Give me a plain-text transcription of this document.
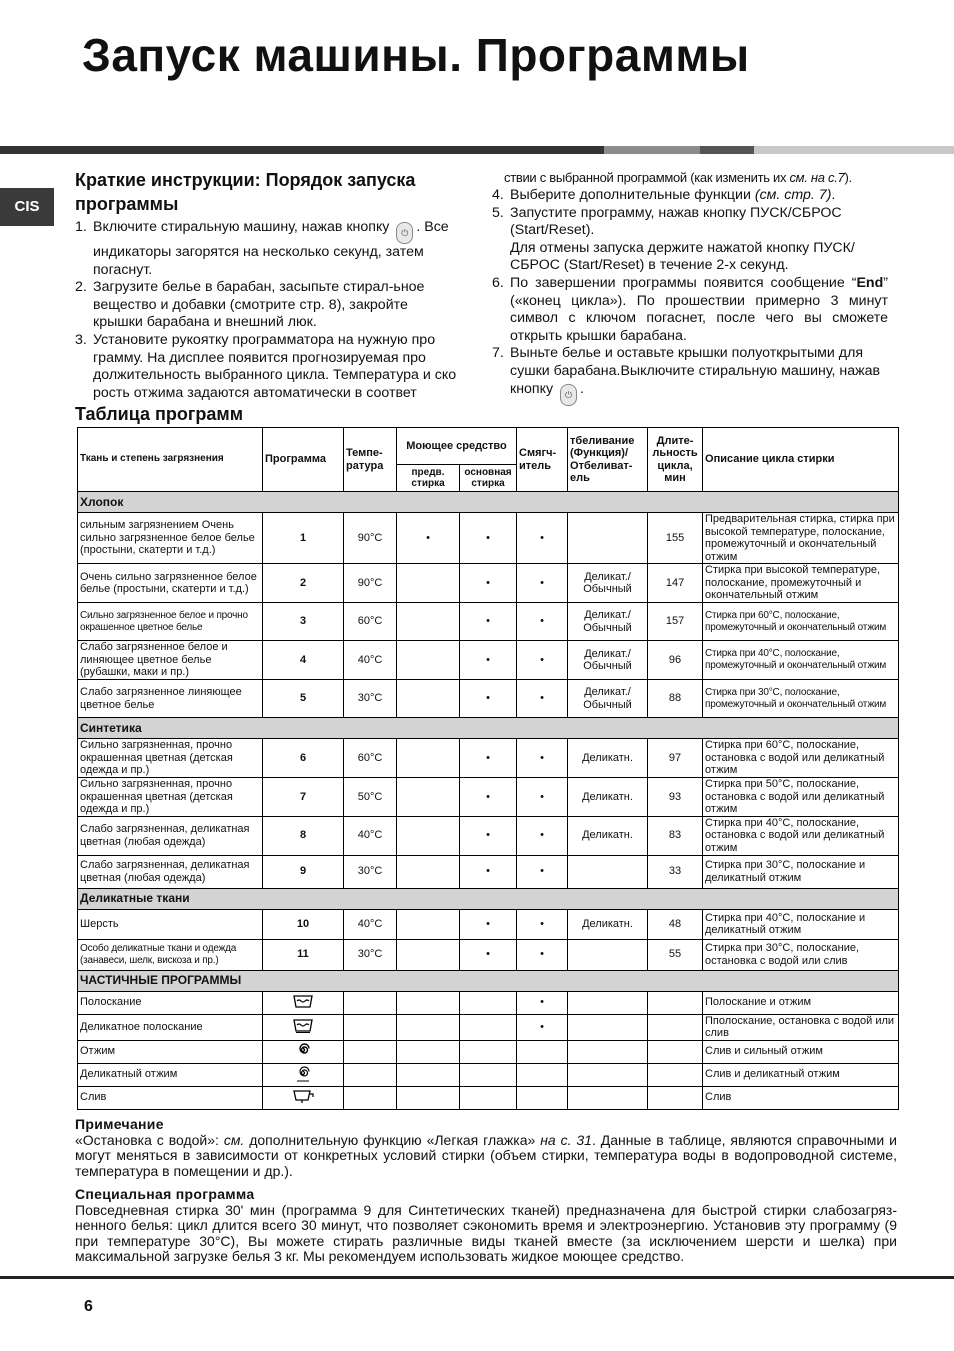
Запуск машины. Программы
CIS
Краткие инструкции: Порядок запуска программы
1. Включите стиральную машину, нажав кнопку ⏻ . Все индикаторы загорятся на несколько секунд, затем погаснут.
2. Загрузите белье в барабан, засыпьте стирал-ьное вещество и добавки (смотрите стр. 8), закройте крышки барабана и внешний люк.
3. Установите рукоятку программатора на нужную про грамму. На дисплее появится прогнозируемая про должительность выбранного цикла. Температура и ско рость отжима задаются автоматически в соответ
ствии с выбранной программой (как изменить их см. на с.7).
4. Выберите дополнительные функции (см. стр. 7).
5. Запустите программу, нажав кнопку ПУСК/СБРОС (Start/Reset).
Для отмены запуска держите нажатой кнопку ПУСК/СБРОС (Start/Reset) в течение 2-х секунд.
6. По завершении программы появится сообщение “End” («конец цикла»). По прошествии примерно 3 минут символ с ключом погаснет, после чего вы сможете открыть крышки барабана.
7. Выньте белье и оставьте крышки полуоткрытыми для сушки барабана.Выключите стиральную машину, нажав кнопку ⏻ .
Таблица программ
Ткань и степень загрязнения	Программа	Темпе-ратура	Моющее средство		Смягч-итель	тбеливание (Функция)/ Отбеливат-ель	Длите-льность цикла, мин	Описание цикла стирки
			предв. стирка	основная стирка				
Хлопок								
сильным загрязнением Очень сильно загрязненное белое белье (простыни, скатерти и т.д.)	1	90°C	•	•	•		155	Предварительная стирка, стирка при высокой температуре, полоскание, промежуточный и окончательный отжим
Очень сильно загрязненное белое белье (простыни, скатерти и т.д.)	2	90°C		•	•	Деликат./ Обычный	147	Стирка при высокой температуре, полоскание, промежуточный и окончательный отжим
Сильно загрязненное белое и прочно окрашенное цветное белье	3	60°C		•	•	Деликат./ Обычный	157	Стирка при 60°C, полоскание, промежуточный и окончательный отжим
Слабо загрязненное белое и линяющее цветное белье (рубашки, маки и пр.)	4	40°C		•	•	Деликат./ Обычный	96	Стирка при 40°C, полоскание, промежуточный и окончательный отжим
Слабо загрязненное линяющее цветное белье	5	30°C		•	•	Деликат./ Обычный	88	Стирка при 30°C, полоскание, промежуточный и окончательный отжим
Синтетика								
Сильно загрязненная, прочно окрашенная цветная (детская одежда и пр.)	6	60°C		•	•	Деликатн.	97	Стирка при 60°C, полоскание, остановка с водой или деликатный отжим
Сильно загрязненная, прочно окрашенная цветная (детская одежда и пр.)	7	50°C		•	•	Деликатн.	93	Стирка при 50°C, полоскание, остановка с водой или деликатный отжим
Слабо загрязненная, деликатная цветная (любая одежда)	8	40°C		•	•	Деликатн.	83	Стирка при 40°C, полоскание, остановка с водой или деликатный отжим
Слабо загрязненная, деликатная цветная (любая одежда)	9	30°C		•	•		33	Стирка при 30°C, полоскание и деликатный отжим
Деликатные ткани								
Шерсть	10	40°C		•	•	Деликатн.	48	Стирка при 40°C, полоскание и деликатный отжим
Особо деликатные ткани и одежда (занавеси, шелк, вискоза и пр.)	11	30°C		•	•		55	Стирка при 30°C, полоскание, остановка с водой или слив
ЧАСТИЧНЫЕ ПРОГРАММЫ								
Полоскание					•			Полоскание и отжим
Деликатное полоскание					•			Пполоскание, остановка с водой или слив
Отжим								Слив и сильный отжим
Деликатный отжим								Слив и деликатный отжим
Слив								Слив
Примечание

«Остановка с водой»: см. дополнительную функцию «Легкая глажка» на с. 31. Данные в таблице, являются справочными и могут меняться в зависимости от конкретных условий стирки (объем стирки, температура воды в водопроводной системе, температура в помещении и др.).

Специальная программа

Повседневная стирка 30' мин (программа 9 для Синтетических тканей) предназначена для быстрой стирки слабозагряз-ненного белья: цикл длится всего 30 минут, что позволяет сэкономить время и электроэнергию. Установив эту программу (9 при температуре 30°C), Вы можете стирать различные виды тканей вместе (за исключением шерсти и шелка) при максимальной загрузке белья 3 кг. Мы рекомендуем использовать жидкое моющее средство.

6
